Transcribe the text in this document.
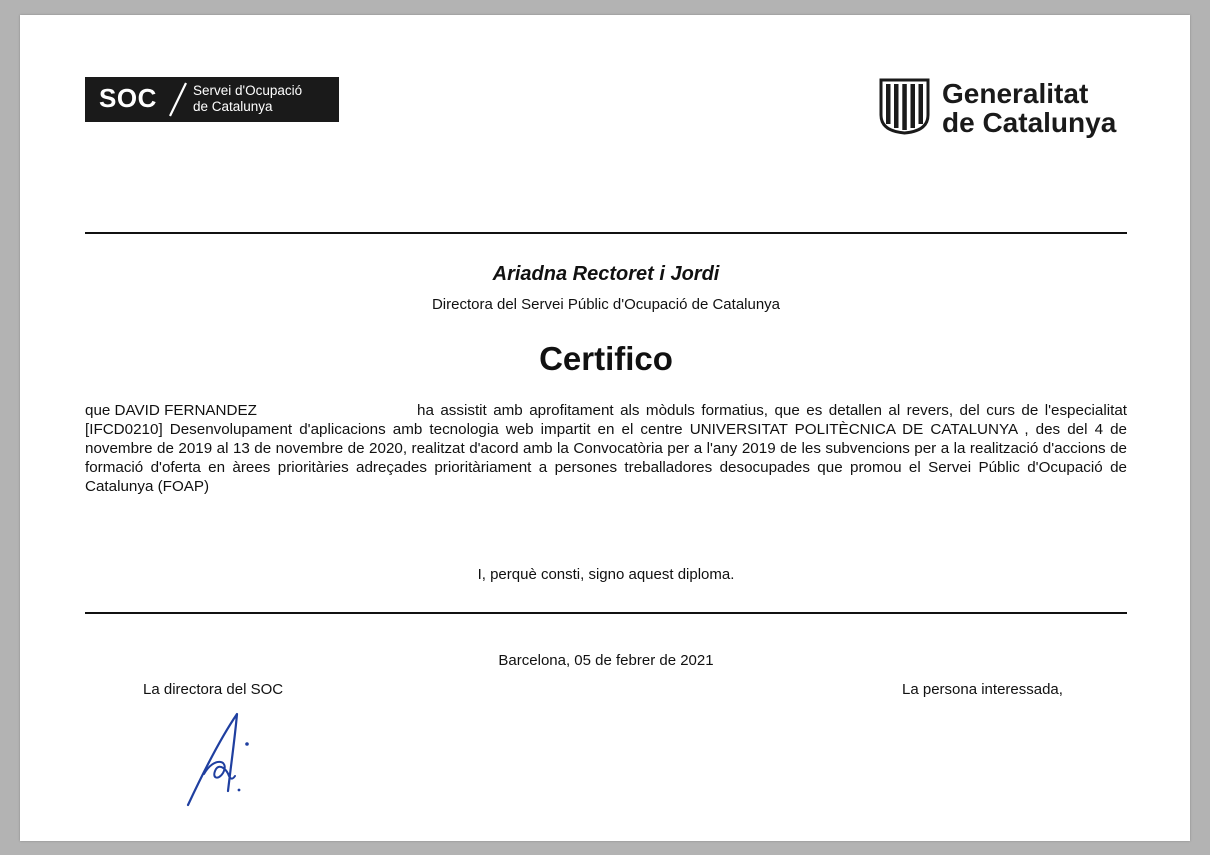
SOC	Servei d'Ocupació
de Catalunya	Generalitat
de Catalunya
Ariadna Rectoret i Jordi
Directora del Servei Públic d'Ocupació de Catalunya
Certifico
que DAVID FERNANDEZ	ha assistit amb aprofitament als mòduls formatius, que es detallen al revers, del curs de l'especialitat [IFCD0210] Desenvolupament d'aplicacions amb tecnologia web impartit en el centre UNIVERSITAT POLITÈCNICA DE CATALUNYA , des del 4 de novembre de 2019 al 13 de novembre de 2020, realitzat d'acord amb la Convocatòria per a l'any 2019 de les subvencions per a la realització d'accions de formació d'oferta en àrees prioritàries adreçades prioritàriament a persones treballadores desocupades que promou el Servei Públic d'Ocupació de Catalunya (FOAP)
I, perquè consti, signo aquest diploma.
Barcelona, 05 de febrer de 2021
La directora del SOC	La persona interessada,
